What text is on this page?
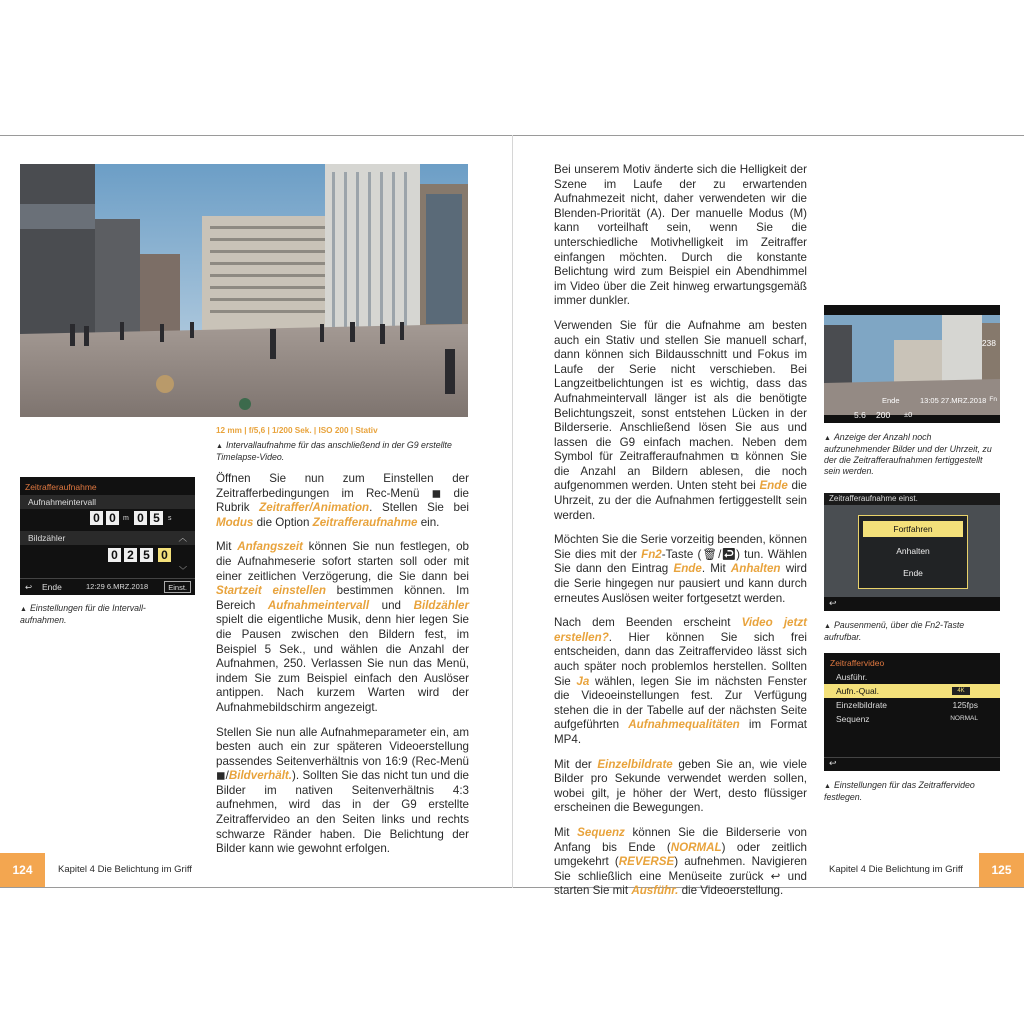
12 mm | f/5,6 | 1/200 Sek. | ISO 200 | Stativ
▲ Intervallaufnahme für das anschließend in der G9 erstellte Timelapse-Video.
Zeitrafferaufnahme
Aufnahmeintervall
0 0	m 0 5	s
Bildzähler	︿
0 2 5 0
﹀
↩ Ende	12:29 6.MRZ.2018	Einst.
▲ Einstellungen für die Intervallaufnahmen.

Öffnen Sie nun zum Einstellen der Zeitrafferbedingungen im Rec-Menü ◼ die Rubrik Zeitraffer/Animation. Stellen Sie bei Modus die Option Zeitrafferaufnahme ein.

Mit Anfangszeit können Sie nun festlegen, ob die Aufnahmeserie sofort starten soll oder mit einer zeitlichen Verzögerung, die Sie dann bei Startzeit einstellen bestimmen können. Im Bereich Aufnahmeintervall und Bildzähler spielt die eigentliche Musik, denn hier legen Sie die Pausen zwischen den Bildern fest, im Beispiel 5 Sek., und wählen die Anzahl der Aufnahmen, 250. Verlassen Sie nun das Menü, indem Sie zum Beispiel einfach den Auslöser antippen. Nach kurzem Warten wird der Aufnahmebildschirm angezeigt.

Stellen Sie nun alle Aufnahmeparameter ein, am besten auch ein zur späteren Videoerstellung passendes Seitenverhältnis von 16:9 (Rec-Menü ◼/Bildverhält.). Sollten Sie das nicht tun und die Bilder im nativen Seitenverhältnis 4:3 aufnehmen, wird das in der G9 erstellte Zeitraffervideo an den Seiten links und rechts schwarze Ränder haben. Die Belichtung der Bilder kann wie gewohnt erfolgen.

124	Kapitel 4 Die Belichtung im Griff

Bei unserem Motiv änderte sich die Helligkeit der Szene im Laufe der zu erwartenden Aufnahmezeit nicht, daher verwendeten wir die Blenden-Priorität (A). Der manuelle Modus (M) kann vorteilhaft sein, wenn Sie die unterschiedliche Motivhelligkeit im Zeitraffer einfangen möchten. Durch die konstante Belichtung wird zum Beispiel ein Abendhimmel im Video über die Zeit hinweg erwartungsgemäß immer dunkler.

Verwenden Sie für die Aufnahme am besten auch ein Stativ und stellen Sie manuell scharf, dann können sich Bildausschnitt und Fokus im Laufe der Serie nicht verschieben. Bei Langzeitbelichtungen ist es wichtig, dass das Aufnahmeintervall länger ist als die benötigte Belichtungszeit, sonst entstehen Lücken in der Bilderserie. Anschließend lösen Sie aus und lassen die G9 einfach machen. Neben dem Symbol für Zeitrafferaufnahmen ⧉ können Sie die Anzahl an Bildern ablesen, die noch aufgenommen werden. Unten steht bei Ende die Uhrzeit, zu der die Aufnahmen fertiggestellt sein werden.

Möchten Sie die Serie vorzeitig beenden, können Sie dies mit der Fn2-Taste (🗑/↩) tun. Wählen Sie dann den Eintrag Ende. Mit Anhalten wird die Serie hingegen nur pausiert und kann durch erneutes Auslösen weiter fortgesetzt werden.

Nach dem Beenden erscheint Video jetzt erstellen?. Hier können Sie sich frei entscheiden, dann das Zeitraffervideo lässt sich auch später noch problemlos herstellen. Sollten Sie Ja wählen, legen Sie im nächsten Fenster die Videoeinstellungen fest. Zur Verfügung stehen die in der Tabelle auf der nächsten Seite aufgeführten Aufnahmequalitäten im Format MP4.

Mit der Einzelbildrate geben Sie an, wie viele Bilder pro Sekunde verwendet werden sollen, wobei gilt, je höher der Wert, desto flüssiger erscheinen die Bewegungen.

Mit Sequenz können Sie die Bilderserie von Anfang bis Ende (NORMAL) oder zeitlich umgekehrt (REVERSE) aufnehmen. Navigieren Sie schließlich eine Menüseite zurück ↩ und starten Sie mit Ausführ. die Videoerstellung.

238
Ende	13:05 27.MRZ.2018
5.6 200 ±0
Fn
▲ Anzeige der Anzahl noch aufzunehmender Bilder und der Uhrzeit, zu der die Zeitrafferaufnahmen fertiggestellt sein werden.
Zeitrafferaufnahme einst.
Fortfahren
Anhalten
Ende
↩
▲ Pausenmenü, über die Fn2-Taste aufrufbar.
Zeitraffervideo
Ausführ.
Aufn.-Qual.	4K
Einzelbildrate	125fps
Sequenz	NORMAL
↩
▲ Einstellungen für das Zeitraffervideo festlegen.
Kapitel 4 Die Belichtung im Griff	125
